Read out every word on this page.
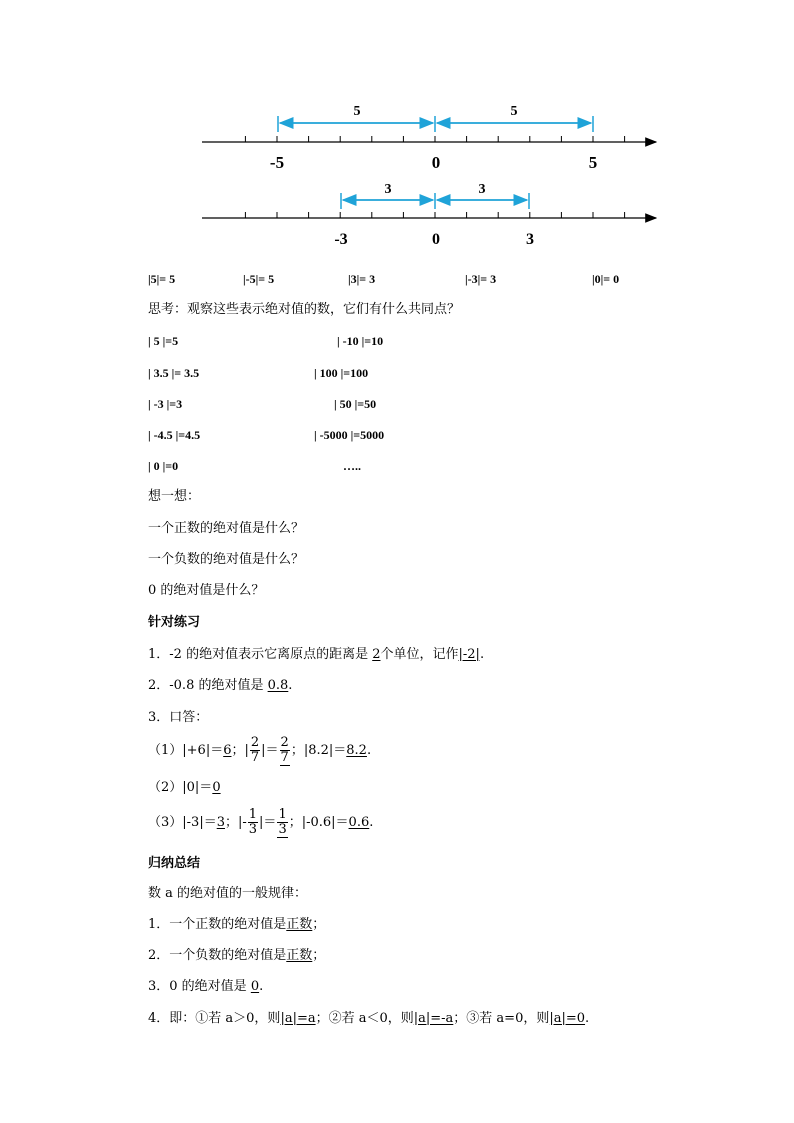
5	5
-5	0	5
3	3
-3	0	3
|5|= 5	|-5|= 5	|3|= 3	|-3|= 3	|0|= 0
思考：观察这些表示绝对值的数，它们有什么共同点？
| 5 |=5	| -10 |=10
| 3.5 |= 3.5	| 100 |=100
| -3 |=3	| 50 |=50
| -4.5 |=4.5	| -5000 |=5000
| 0 |=0	…..
想一想：
一个正数的绝对值是什么？
一个负数的绝对值是什么？
0 的绝对值是什么？
针对练习
1．-2 的绝对值表示它离原点的距离是 2个单位，记作|-2|.
2．-0.8 的绝对值是 0.8.
3．口答：
（1）|+6|＝6；| $\frac{2}{7}$ |＝ $\frac{2}{7}$ ；|8.2|＝8.2.
（2）|0|＝0
（3）|-3|＝3；|- $\frac{1}{3}$ |＝ $\frac{1}{3}$ ；|-0.6|＝0.6.
归纳总结
数 a 的绝对值的一般规律：
1．一个正数的绝对值是正数；
2．一个负数的绝对值是正数；
3．0 的绝对值是 0.
4．即：①若 a＞0，则|a|=a；②若 a＜0，则|a|=-a；③若 a=0，则|a|=0.
